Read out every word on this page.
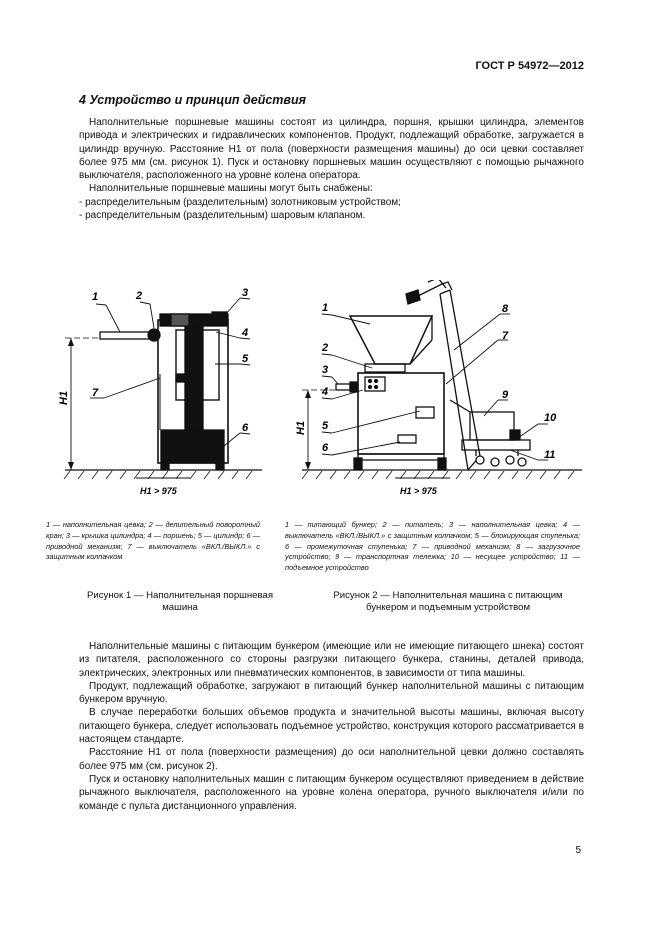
ГОСТ Р 54972—2012
4 Устройство и принцип действия

Наполнительные поршневые машины состоят из цилиндра, поршня, крышки цилиндра, элементов привода и электрических и гидравлических компонентов. Продукт, подлежащий обработке, загружается в цилиндр вручную. Расстояние H1 от пола (поверхности размещения машины) до оси цевки составляет более 975 мм (см. рисунок 1). Пуск и остановку поршневых машин осуществляют с помощью рычажного выключателя, расположенного на уровне колена оператора.

Наполнительные поршневые машины могут быть снабжены:

- распределительным (разделительным) золотниковым устройством;

- распределительным (разделительным) шаровым клапаном.

1	2	3
4
5
6
7
H1
H1 > 975
1
2
3
4
5
6
7
8
9
10
11
H1
H1 > 975
1 — наполнительная цевка; 2 — делительный поворотный кран; 3 — крышка цилиндра; 4 — поршень; 5 — цилиндр; 6 — приводной механизм; 7 — выключатель «ВКЛ./ВЫКЛ.» с защитным колпачком
1 — питающий бункер; 2 — питатель; 3 — наполнительная цевка; 4 — выключатель «ВКЛ./ВЫКЛ.» с защитным колпачком; 5 — блокирующая ступенька; 6 — промежуточная ступенька; 7 — приводной механизм; 8 — загрузочное устройство; 9 — транспортная тележка; 10 — несущее устройство; 11 — подъемное устройство
Рисунок 1 — Наполнительная поршневая машина
Рисунок 2 — Наполнительная машина с питающим бункером и подъемным устройством

Наполнительные машины с питающим бункером (имеющие или не имеющие питающего шнека) состоят из питателя, расположенного со стороны разгрузки питающего бункера, станины, деталей привода, электрических, электронных или пневматических компонентов, в зависимости от типа машины.

Продукт, подлежащий обработке, загружают в питающий бункер наполнительной машины с питающим бункером вручную.

В случае переработки больших объемов продукта и значительной высоты машины, включая высоту питающего бункера, следует использовать подъемное устройство, конструкция которого рассматривается в настоящем стандарте.

Расстояние H1 от пола (поверхности размещения) до оси наполнительной цевки должно составлять более 975 мм (см. рисунок 2).

Пуск и остановку наполнительных машин с питающим бункером осуществляют приведением в действие рычажного выключателя, расположенного на уровне колена оператора, ручного выключателя и/или по команде с пульта дистанционного управления.

5
